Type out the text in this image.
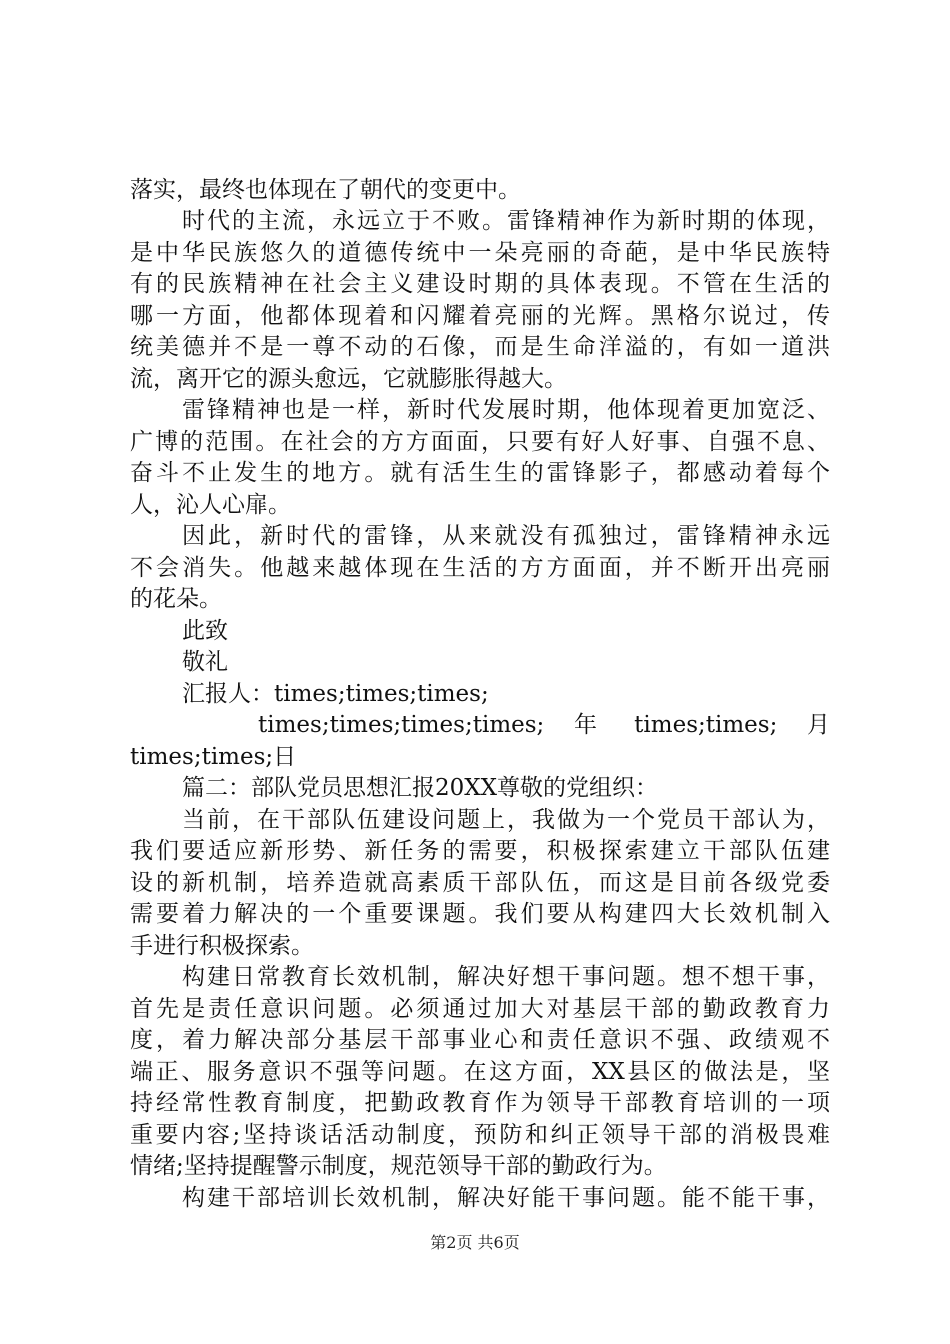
落实，最终也体现在了朝代的变更中。
时代的主流，永远立于不败。雷锋精神作为新时期的体现，
是中华民族悠久的道德传统中一朵亮丽的奇葩，是中华民族特
有的民族精神在社会主义建设时期的具体表现。不管在生活的
哪一方面，他都体现着和闪耀着亮丽的光辉。黑格尔说过，传
统美德并不是一尊不动的石像，而是生命洋溢的，有如一道洪
流，离开它的源头愈远，它就膨胀得越大。
雷锋精神也是一样，新时代发展时期，他体现着更加宽泛、
广博的范围。在社会的方方面面，只要有好人好事、自强不息、
奋斗不止发生的地方。就有活生生的雷锋影子，都感动着每个
人，沁人心扉。
因此，新时代的雷锋，从来就没有孤独过，雷锋精神永远
不会消失。他越来越体现在生活的方方面面，并不断开出亮丽
的花朵。
此致
敬礼
汇报人：times;times;times;
times;times;times;times;  年  times;times;  月
times;times;日
篇二：部队党员思想汇报20XX尊敬的党组织：
当前，在干部队伍建设问题上，我做为一个党员干部认为，
我们要适应新形势、新任务的需要，积极探索建立干部队伍建
设的新机制，培养造就高素质干部队伍，而这是目前各级党委
需要着力解决的一个重要课题。我们要从构建四大长效机制入
手进行积极探索。
构建日常教育长效机制，解决好想干事问题。想不想干事，
首先是责任意识问题。必须通过加大对基层干部的勤政教育力
度，着力解决部分基层干部事业心和责任意识不强、政绩观不
端正、服务意识不强等问题。在这方面，XX县区的做法是，坚
持经常性教育制度，把勤政教育作为领导干部教育培训的一项
重要内容;坚持谈话活动制度，预防和纠正领导干部的消极畏难
情绪;坚持提醒警示制度，规范领导干部的勤政行为。
构建干部培训长效机制，解决好能干事问题。能不能干事，
第2页 共6页
